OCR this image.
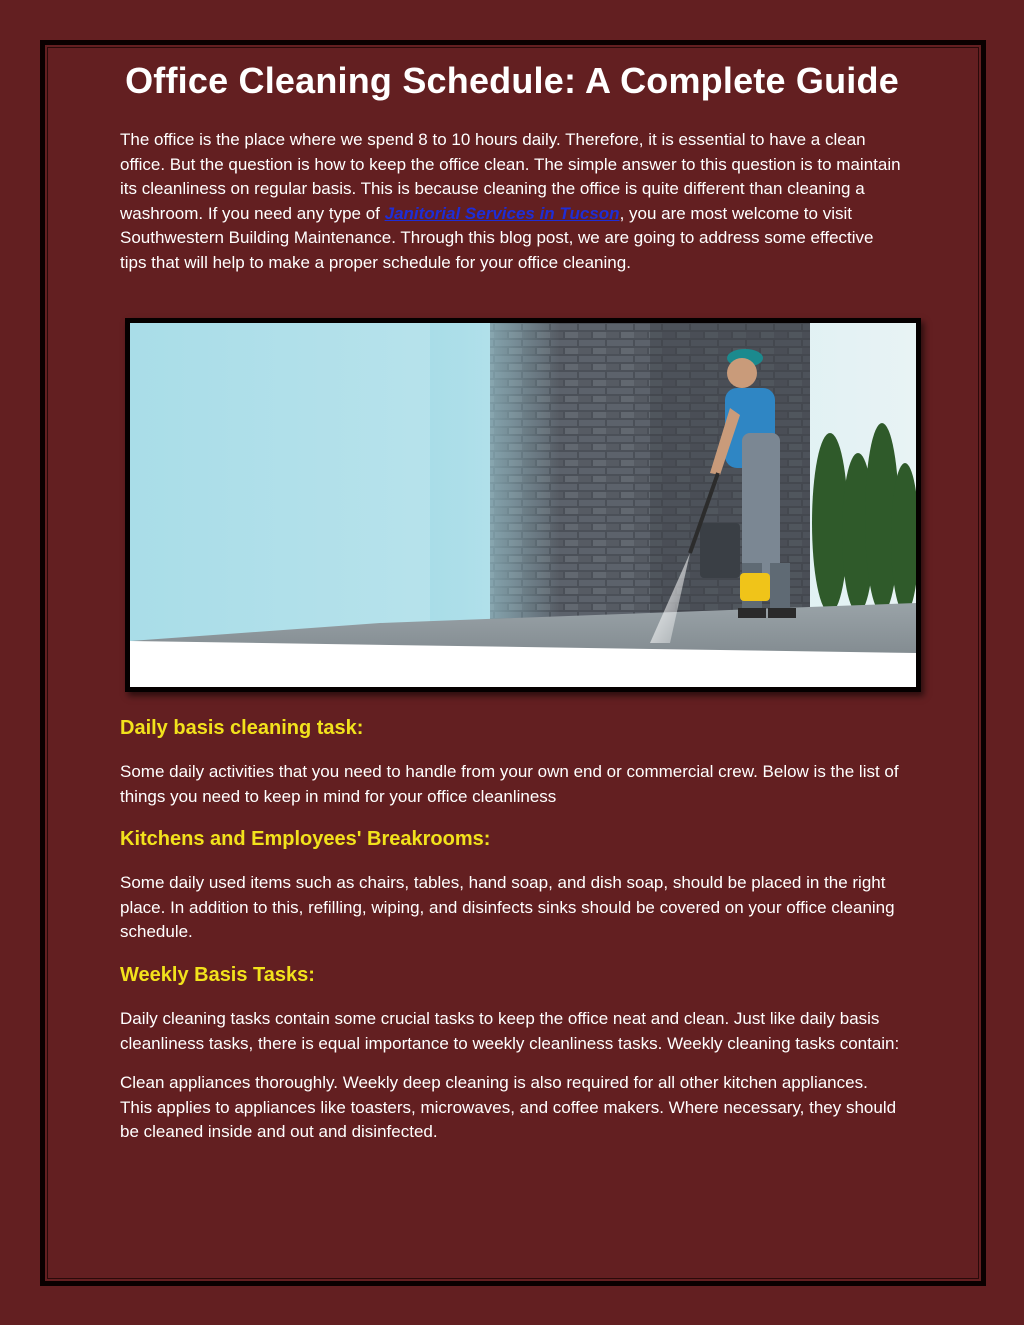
Office Cleaning Schedule: A Complete Guide

The office is the place where we spend 8 to 10 hours daily. Therefore, it is essential to have a clean office. But the question is how to keep the office clean. The simple answer to this question is to maintain its cleanliness on regular basis. This is because cleaning the office is quite different than cleaning a washroom. If you need any type of Janitorial Services in Tucson, you are most welcome to visit Southwestern Building Maintenance. Through this blog post, we are going to address some effective tips that will help to make a proper schedule for your office cleaning.

Daily basis cleaning task:

Some daily activities that you need to handle from your own end or commercial crew. Below is the list of things you need to keep in mind for your office cleanliness

Kitchens and Employees' Breakrooms:

Some daily used items such as chairs, tables, hand soap, and dish soap, should be placed in the right place. In addition to this, refilling, wiping, and disinfects sinks should be covered on your office cleaning schedule.

Weekly Basis Tasks:

Daily cleaning tasks contain some crucial tasks to keep the office neat and clean. Just like daily basis cleanliness tasks, there is equal importance to weekly cleanliness tasks. Weekly cleaning tasks contain:

Clean appliances thoroughly. Weekly deep cleaning is also required for all other kitchen appliances. This applies to appliances like toasters, microwaves, and coffee makers. Where necessary, they should be cleaned inside and out and disinfected.
